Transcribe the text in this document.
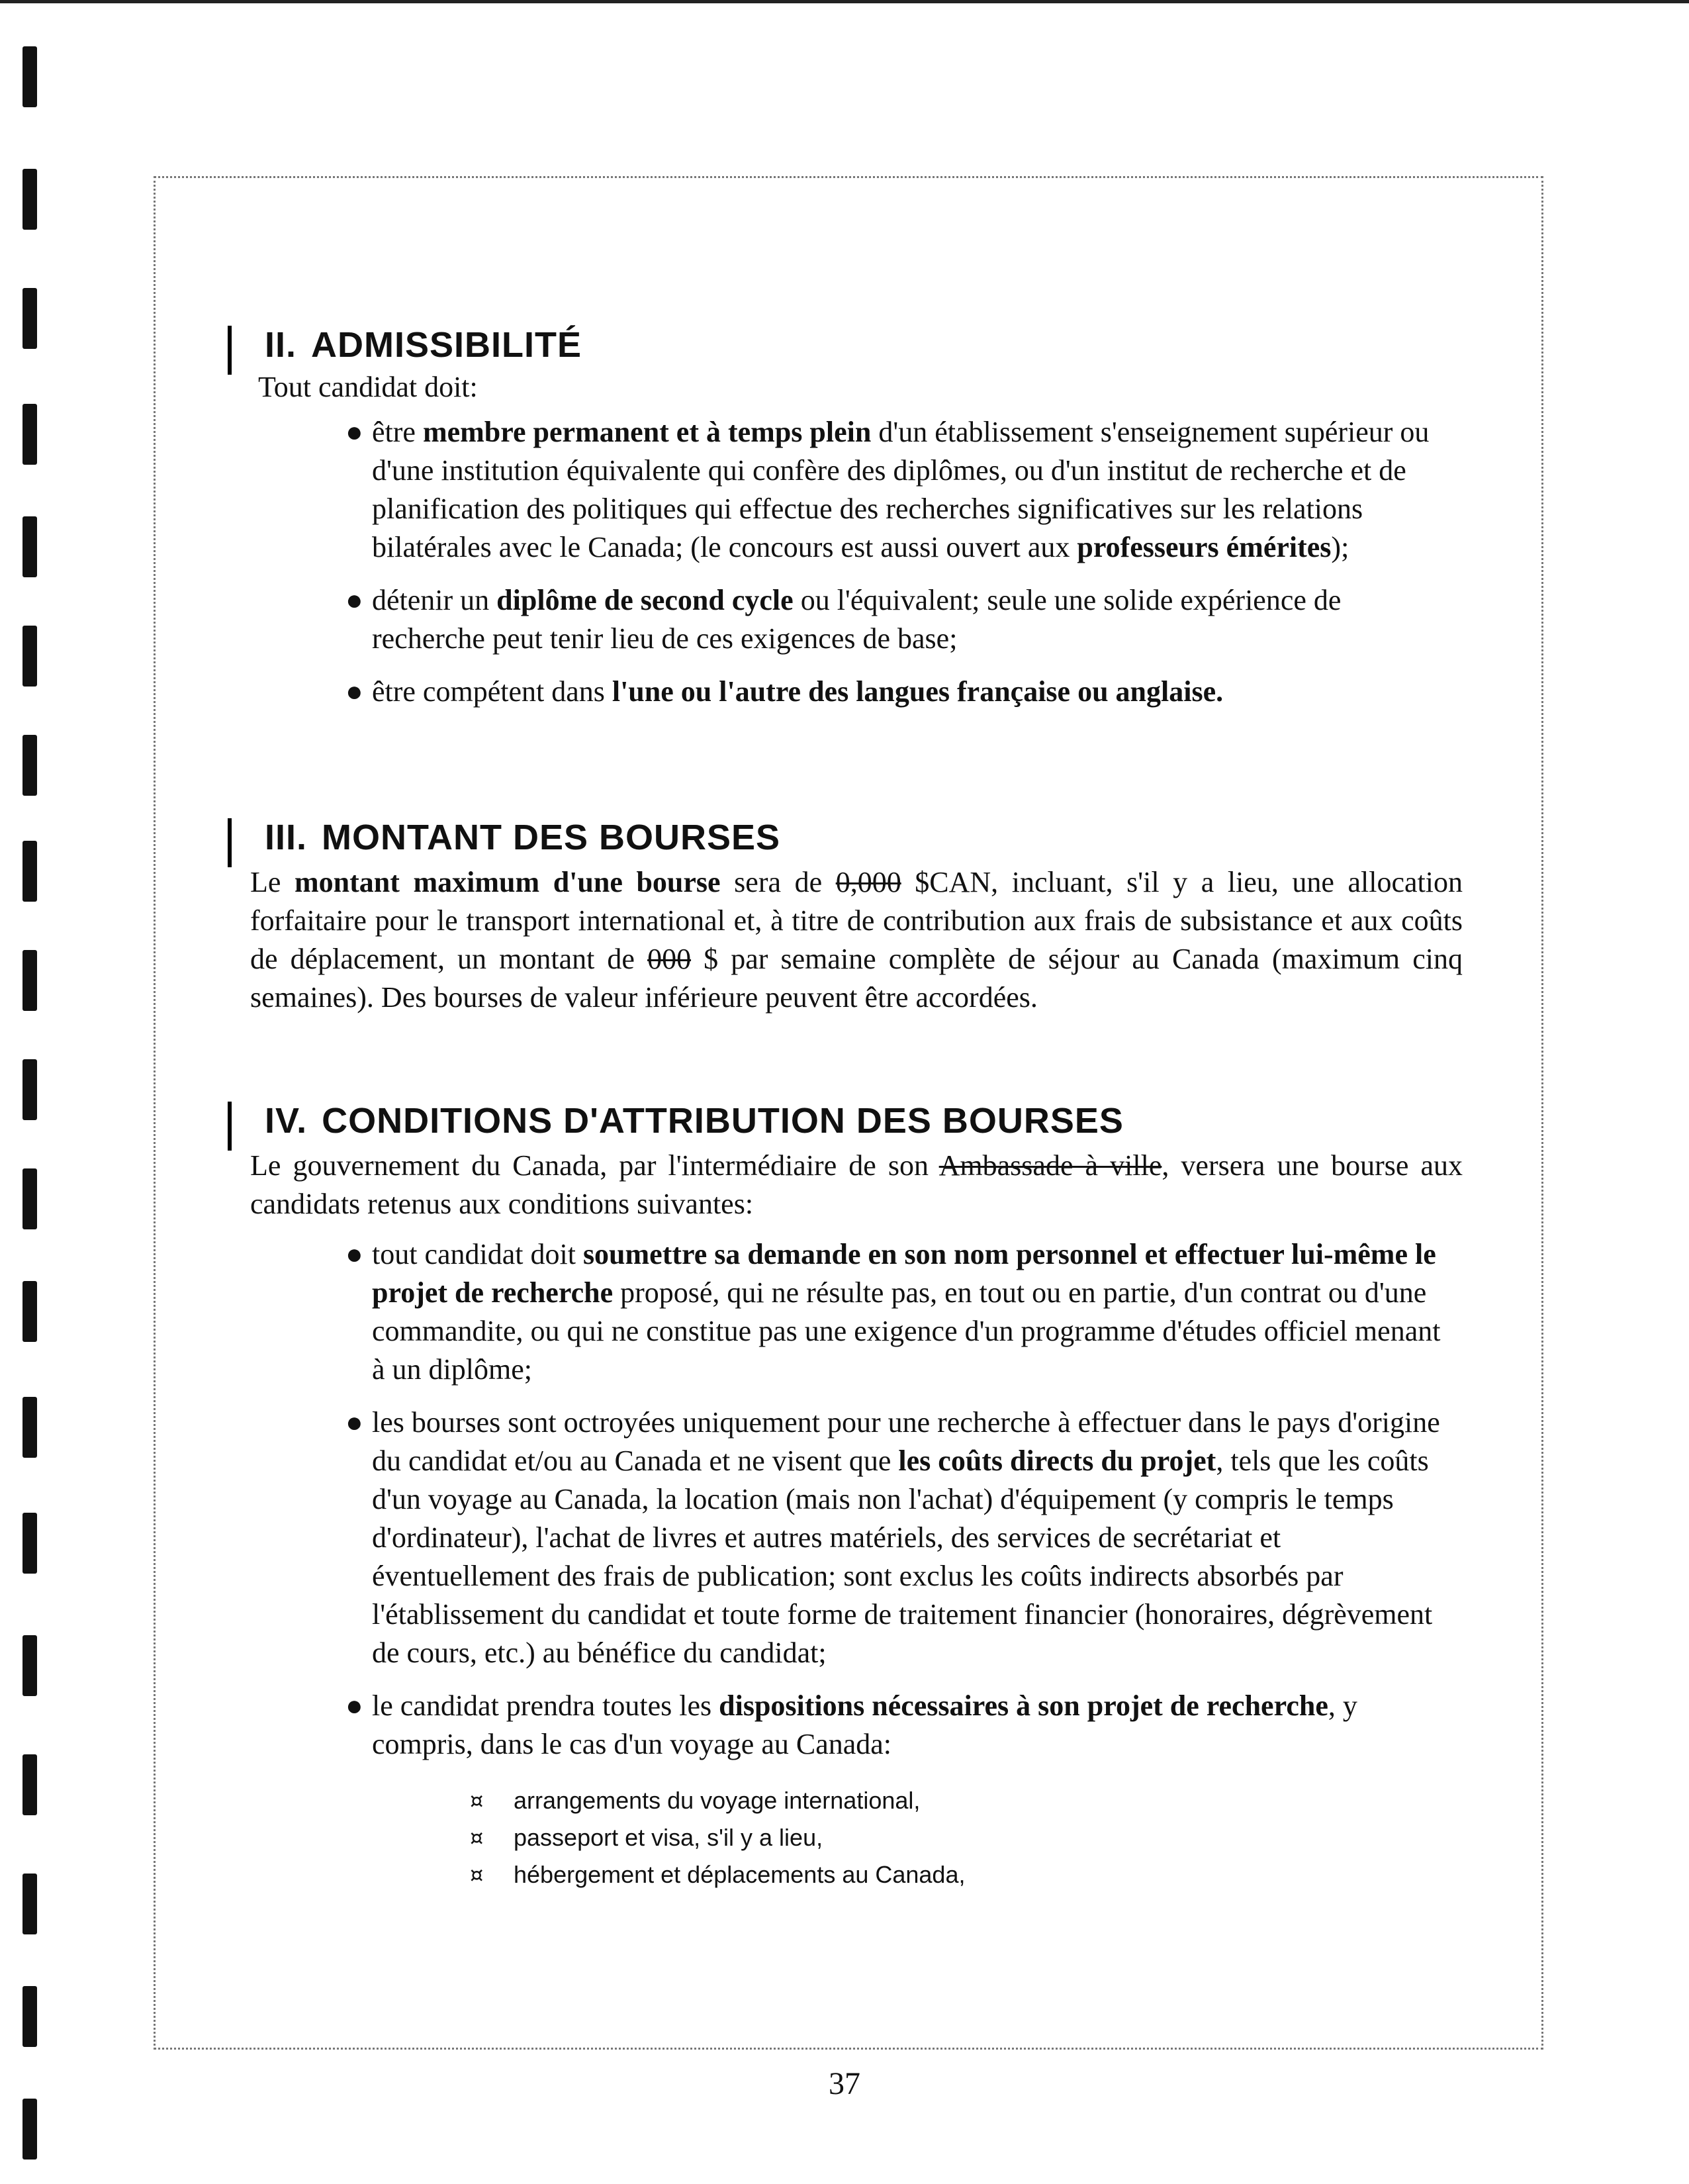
II. ADMISSIBILITÉ
Tout candidat doit:
● être membre permanent et à temps plein d'un établissement s'enseignement supérieur ou d'une institution équivalente qui confère des diplômes, ou d'un institut de recherche et de planification des politiques qui effectue des recherches significatives sur les relations bilatérales avec le Canada; (le concours est aussi ouvert aux professeurs émérites);
● détenir un diplôme de second cycle ou l'équivalent; seule une solide expérience de recherche peut tenir lieu de ces exigences de base;
● être compétent dans l'une ou l'autre des langues française ou anglaise.
III. MONTANT DES BOURSES

Le montant maximum d'une bourse sera de 0,000 $CAN, incluant, s'il y a lieu, une allocation forfaitaire pour le transport international et, à titre de contribution aux frais de subsistance et aux coûts de déplacement, un montant de 000 $ par semaine complète de séjour au Canada (maximum cinq semaines). Des bourses de valeur inférieure peuvent être accordées.

IV. CONDITIONS D'ATTRIBUTION DES BOURSES

Le gouvernement du Canada, par l'intermédiaire de son Ambassade à ville, versera une bourse aux candidats retenus aux conditions suivantes:

● tout candidat doit soumettre sa demande en son nom personnel et effectuer lui-même le projet de recherche proposé, qui ne résulte pas, en tout ou en partie, d'un contrat ou d'une commandite, ou qui ne constitue pas une exigence d'un programme d'études officiel menant à un diplôme;
● les bourses sont octroyées uniquement pour une recherche à effectuer dans le pays d'origine du candidat et/ou au Canada et ne visent que les coûts directs du projet, tels que les coûts d'un voyage au Canada, la location (mais non l'achat) d'équipement (y compris le temps d'ordinateur), l'achat de livres et autres matériels, des services de secrétariat et éventuellement des frais de publication; sont exclus les coûts indirects absorbés par l'établissement du candidat et toute forme de traitement financier (honoraires, dégrèvement de cours, etc.) au bénéfice du candidat;
● le candidat prendra toutes les dispositions nécessaires à son projet de recherche, y compris, dans le cas d'un voyage au Canada:
¤ arrangements du voyage international,
¤ passeport et visa, s'il y a lieu,
¤ hébergement et déplacements au Canada,
37
